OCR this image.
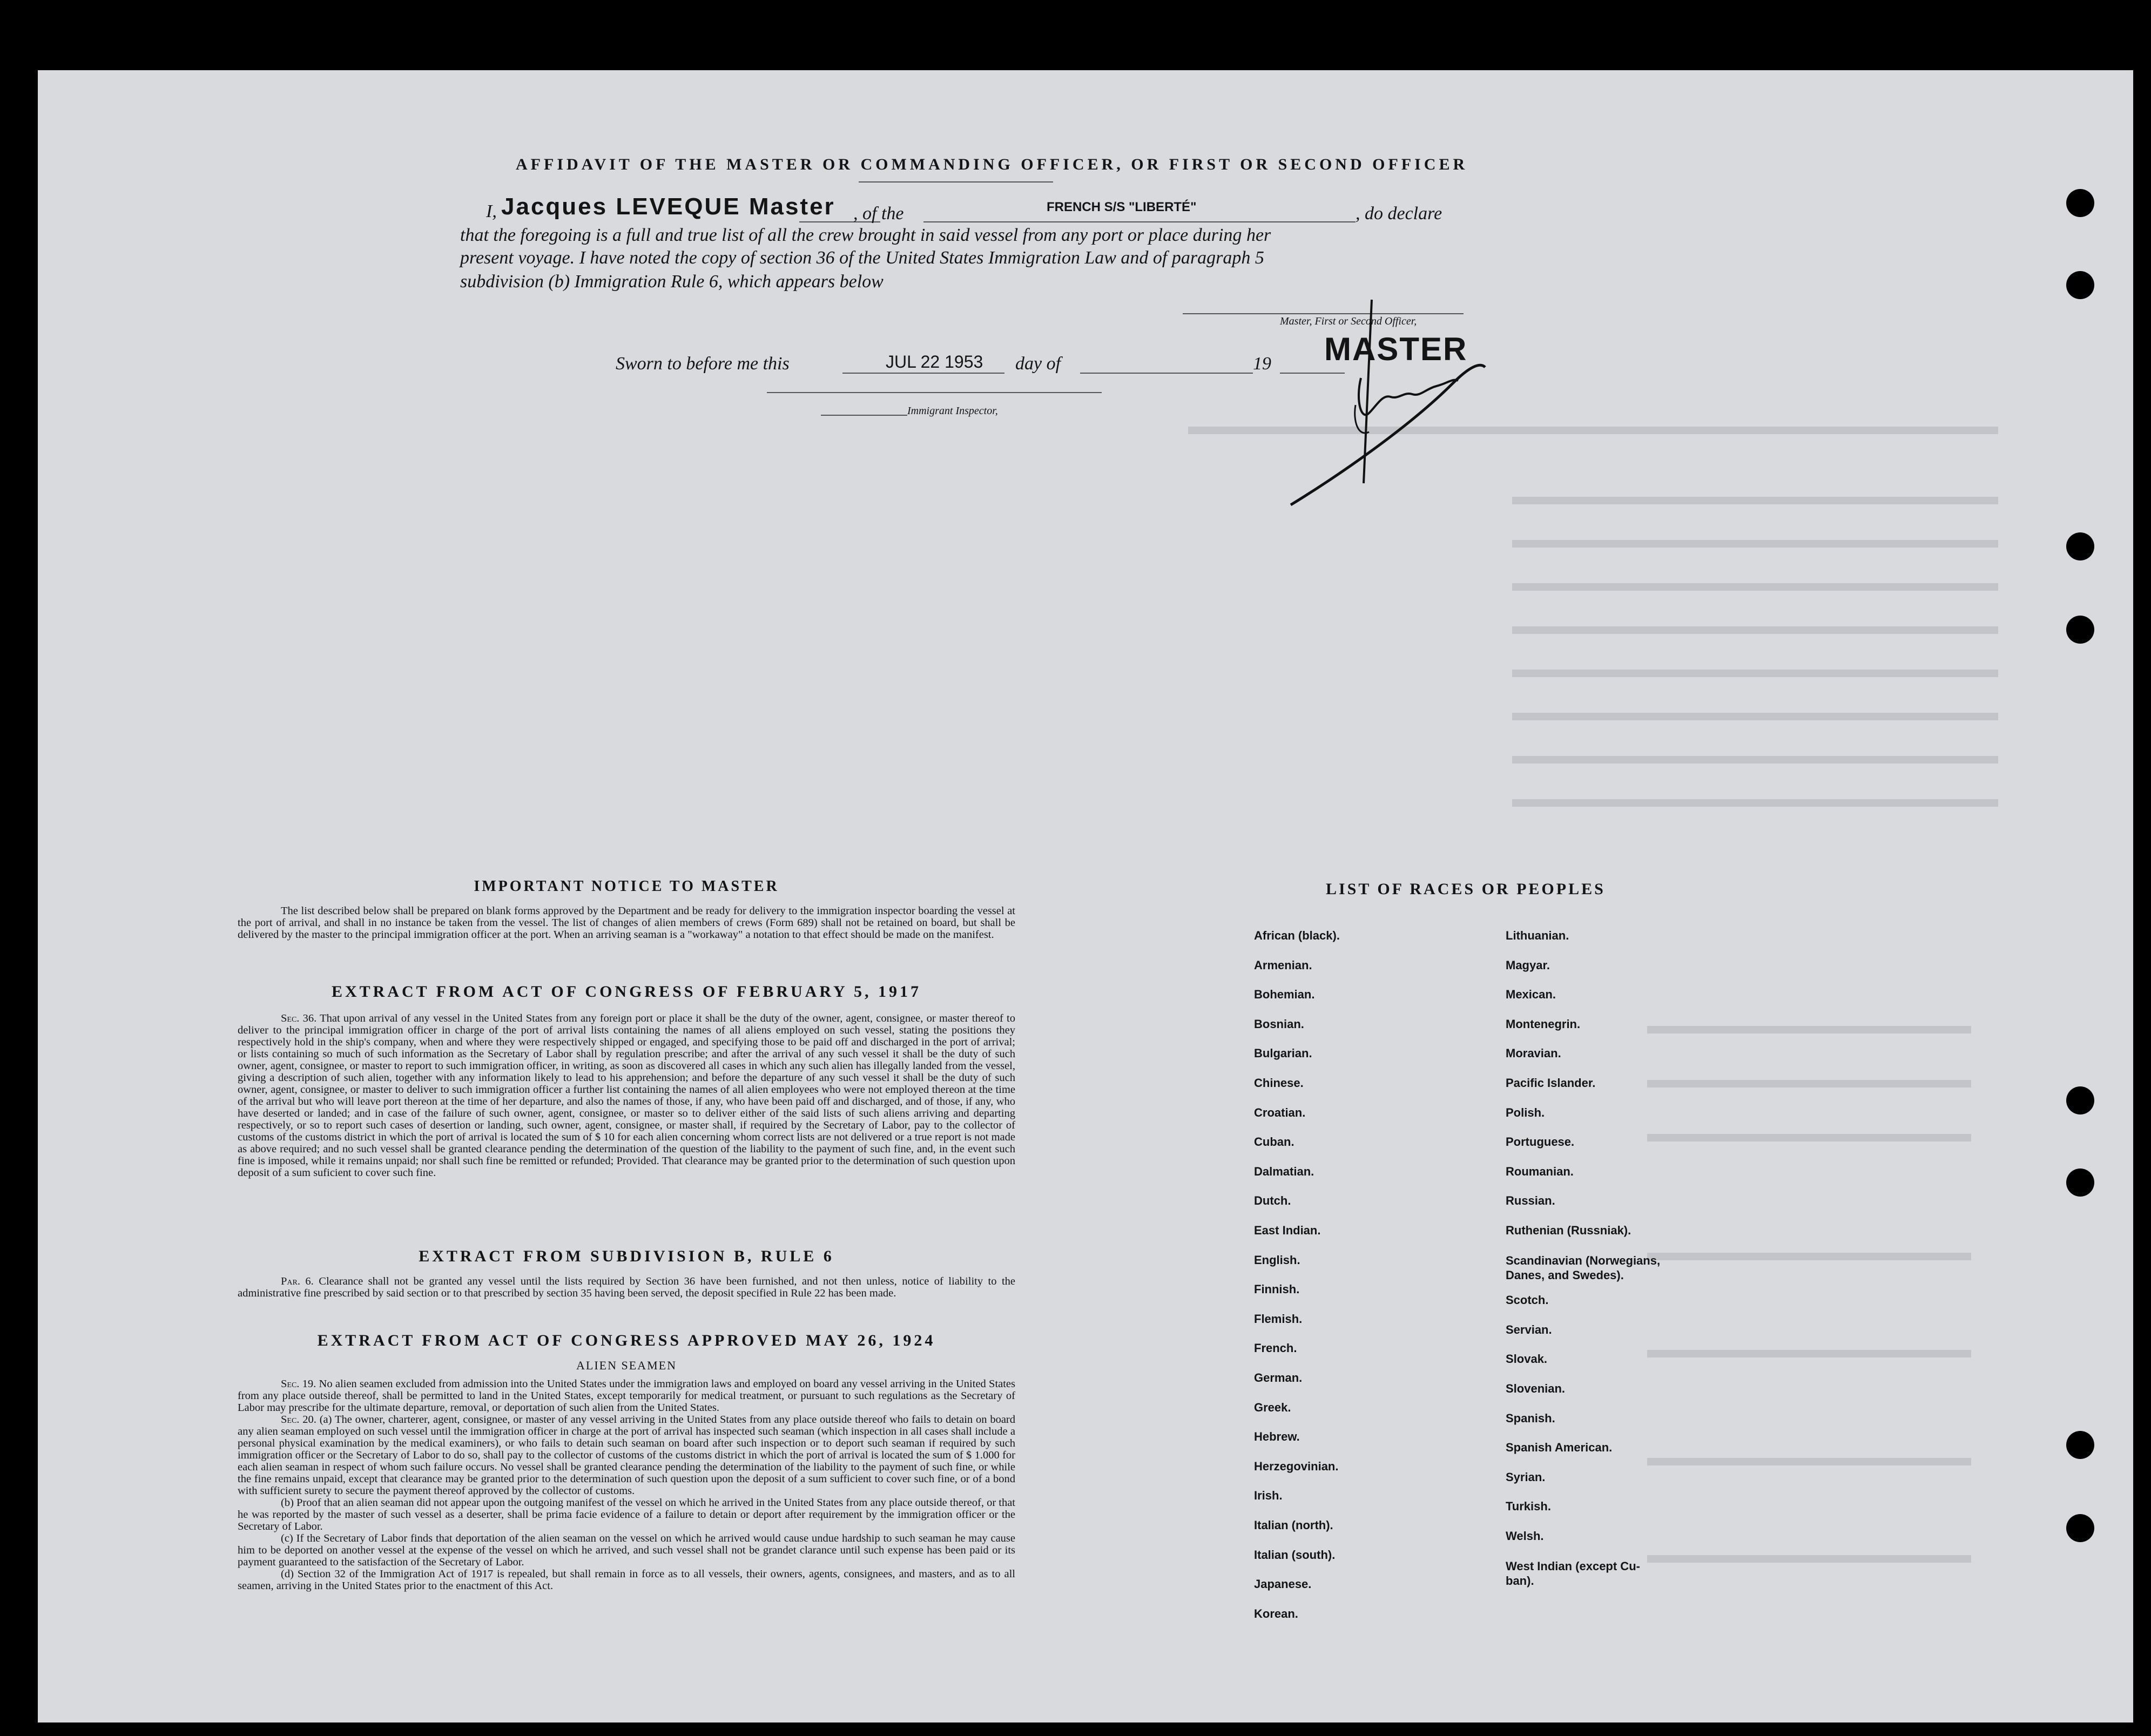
AFFIDAVIT OF THE MASTER OR COMMANDING OFFICER, OR FIRST OR SECOND OFFICER
I, Jacques LEVEQUE Master , of the	FRENCH S/S "LIBERTÉ"	, do declare
that the foregoing is a full and true list of all the crew brought in said vessel from any port or place during her
present voyage. I have noted the copy of section 36 of the United States Immigration Law and of paragraph 5
subdivision (b) Immigration Rule 6, which appears below
Master, First or Second Officer,
MASTER
Sworn to before me this	JUL 22 1953 day of	19
Immigrant Inspector,
IMPORTANT NOTICE TO MASTER
The list described below shall be prepared on blank forms approved by the Department and be ready for delivery to the immigration inspector boarding the vessel at the port of arrival, and shall in no instance be taken from the vessel. The list of changes of alien members of crews (Form 689) shall not be retained on board, but shall be delivered by the master to the principal immigration officer at the port. When an arriving seaman is a "workaway" a notation to that effect should be made on the manifest.
EXTRACT FROM ACT OF CONGRESS OF FEBRUARY 5, 1917
Sec. 36. That upon arrival of any vessel in the United States from any foreign port or place it shall be the duty of the owner, agent, consignee, or master thereof to deliver to the principal immigration officer in charge of the port of arrival lists containing the names of all aliens employed on such vessel, stating the positions they respectively hold in the ship's company, when and where they were respectively shipped or engaged, and specifying those to be paid off and discharged in the port of arrival; or lists containing so much of such information as the Secretary of Labor shall by regulation prescribe; and after the arrival of any such vessel it shall be the duty of such owner, agent, consignee, or master to report to such immigration officer, in writing, as soon as discovered all cases in which any such alien has illegally landed from the vessel, giving a description of such alien, together with any information likely to lead to his apprehension; and before the departure of any such vessel it shall be the duty of such owner, agent, consignee, or master to deliver to such immigration officer a further list containing the names of all alien employees who were not employed thereon at the time of the arrival but who will leave port thereon at the time of her departure, and also the names of those, if any, who have been paid off and discharged, and of those, if any, who have deserted or landed; and in case of the failure of such owner, agent, consignee, or master so to deliver either of the said lists of such aliens arriving and departing respectively, or so to report such cases of desertion or landing, such owner, agent, consignee, or master shall, if required by the Secretary of Labor, pay to the collector of customs of the customs district in which the port of arrival is located the sum of $ 10 for each alien concerning whom correct lists are not delivered or a true report is not made as above required; and no such vessel shall be granted clearance pending the determination of the question of the liability to the payment of such fine, and, in the event such fine is imposed, while it remains unpaid; nor shall such fine be remitted or refunded; Provided. That clearance may be granted prior to the determination of such question upon deposit of a sum suficient to cover such fine.
EXTRACT FROM SUBDIVISION B, RULE 6
Par. 6. Clearance shall not be granted any vessel until the lists required by Section 36 have been furnished, and not then unless, notice of liability to the administrative fine prescribed by said section or to that prescribed by section 35 having been served, the deposit specified in Rule 22 has been made.
EXTRACT FROM ACT OF CONGRESS APPROVED MAY 26, 1924
ALIEN SEAMEN
Sec. 19. No alien seamen excluded from admission into the United States under the immigration laws and employed on board any vessel arriving in the United States from any place outside thereof, shall be permitted to land in the United States, except temporarily for medical treatment, or pursuant to such regulations as the Secretary of Labor may prescribe for the ultimate departure, removal, or deportation of such alien from the United States.
Sec. 20. (a) The owner, charterer, agent, consignee, or master of any vessel arriving in the United States from any place outside thereof who fails to detain on board any alien seaman employed on such vessel until the immigration officer in charge at the port of arrival has inspected such seaman (which inspection in all cases shall include a personal physical examination by the medical examiners), or who fails to detain such seaman on board after such inspection or to deport such seaman if required by such immigration officer or the Secretary of Labor to do so, shall pay to the collector of customs of the customs district in which the port of arrival is located the sum of $ 1.000 for each alien seaman in respect of whom such failure occurs. No vessel shall be granted clearance pending the determination of the liability to the payment of such fine, or while the fine remains unpaid, except that clearance may be granted prior to the determination of such question upon the deposit of a sum sufficient to cover such fine, or of a bond with sufficient surety to secure the payment thereof approved by the collector of customs.
(b) Proof that an alien seaman did not appear upon the outgoing manifest of the vessel on which he arrived in the United States from any place outside thereof, or that he was reported by the master of such vessel as a deserter, shall be prima facie evidence of a failure to detain or deport after requirement by the immigration officer or the Secretary of Labor.
(c) If the Secretary of Labor finds that deportation of the alien seaman on the vessel on which he arrived would cause undue hardship to such seaman he may cause him to be deported on another vessel at the expense of the vessel on which he arrived, and such vessel shall not be grandet clarance until such expense has been paid or its payment guaranteed to the satisfaction of the Secretary of Labor.
(d) Section 32 of the Immigration Act of 1917 is repealed, but shall remain in force as to all vessels, their owners, agents, consignees, and masters, and as to all seamen, arriving in the United States prior to the enactment of this Act.
LIST OF RACES OR PEOPLES
African (black).
Armenian.
Bohemian.
Bosnian.
Bulgarian.
Chinese.
Croatian.
Cuban.
Dalmatian.
Dutch.
East Indian.
English.
Finnish.
Flemish.
French.
German.
Greek.
Hebrew.
Herzegovinian.
Irish.
Italian (north).
Italian (south).
Japanese.
Korean.
Lithuanian.
Magyar.
Mexican.
Montenegrin.
Moravian.
Pacific Islander.
Polish.
Portuguese.
Roumanian.
Russian.
Ruthenian (Russniak).
Scandinavian (Norwegians,
Danes, and Swedes).
Scotch.
Servian.
Slovak.
Slovenian.
Spanish.
Spanish American.
Syrian.
Turkish.
Welsh.
West Indian (except Cu-
ban).
